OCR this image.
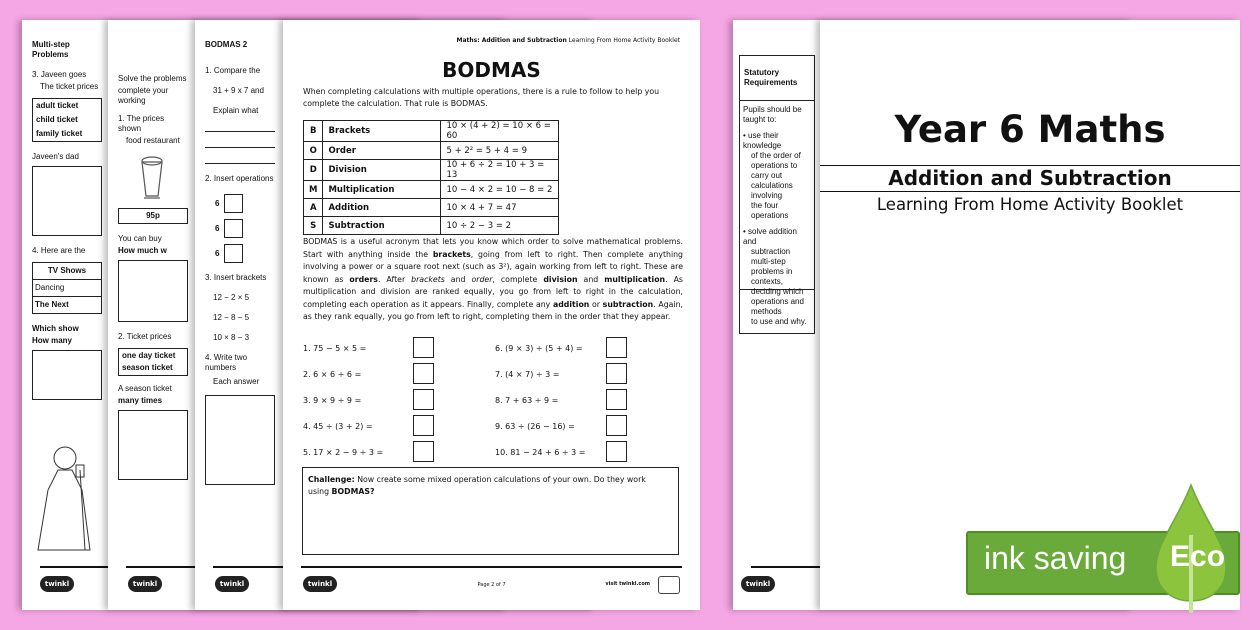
Multi-step Problems
3. Javeen goes
The ticket prices
adult ticket
child ticket
family ticket
Javeen's dad
4. Here are the
TV Shows
Dancing
The Next
Which show
How many
twinkl
Solve the problems
complete your working
1. The prices shown
food restaurant
95p
You can buy
How much w
2. Ticket prices
one day ticket
season ticket
A season ticket
many times
twinkl
BODMAS 2
1. Compare the
31 + 9 x 7 and
Explain what
2. Insert operations
6
6
6
3. Insert brackets
12 − 2 × 5
12 − 8 − 5
10 × 8 − 3
4. Write two numbers
Each answer
twinkl
Maths: Addition and Subtraction Learning From Home Activity Booklet
BODMAS
When completing calculations with multiple operations, there is a rule to follow to help you complete the calculation. That rule is BODMAS.
B	Brackets	10 × (4 + 2) = 10 × 6 = 60
O	Order	5 + 2² = 5 + 4 = 9
D	Division	10 + 6 ÷ 2 = 10 + 3 = 13
M	Multiplication	10 − 4 × 2 = 10 − 8 = 2
A	Addition	10 × 4 + 7 = 47
S	Subtraction	10 ÷ 2 − 3 = 2
BODMAS is a useful acronym that lets you know which order to solve mathematical problems. Start with anything inside the brackets, going from left to right. Then complete anything involving a power or a square root next (such as 3²), again working from left to right. These are known as orders. After brackets and order, complete division and multiplication. As multiplication and division are ranked equally, you go from left to right in the calculation, completing each operation as it appears. Finally, complete any addition or subtraction. Again, as they rank equally, you go from left to right, completing them in the order that they appear.
Challenge: Now create some mixed operation calculations of your own. Do they work using BODMAS?
twinkl	Page 2 of 7	visit twinkl.com
1. 75 − 5 × 5 =
2. 6 × 6 ÷ 6 =
3. 9 × 9 ÷ 9 =
4. 45 ÷ (3 + 2) =
5. 17 × 2 − 9 ÷ 3 =
6. (9 × 3) ÷ (5 + 4) =
7. (4 × 7) ÷ 3 =
8. 7 + 63 ÷ 9 =
9. 63 ÷ (26 − 16) =
10. 81 − 24 + 6 ÷ 3 =
Statutory Requirements
Pupils should be taught to:
• use their knowledge
of the order of
operations to carry out
calculations involving
the four operations
• solve addition and
subtraction multi-step
problems in contexts,
deciding which
operations and methods
to use and why.
twinkl
Year 6 Maths
Addition and Subtraction
Learning From Home Activity Booklet
ink saving Eco
